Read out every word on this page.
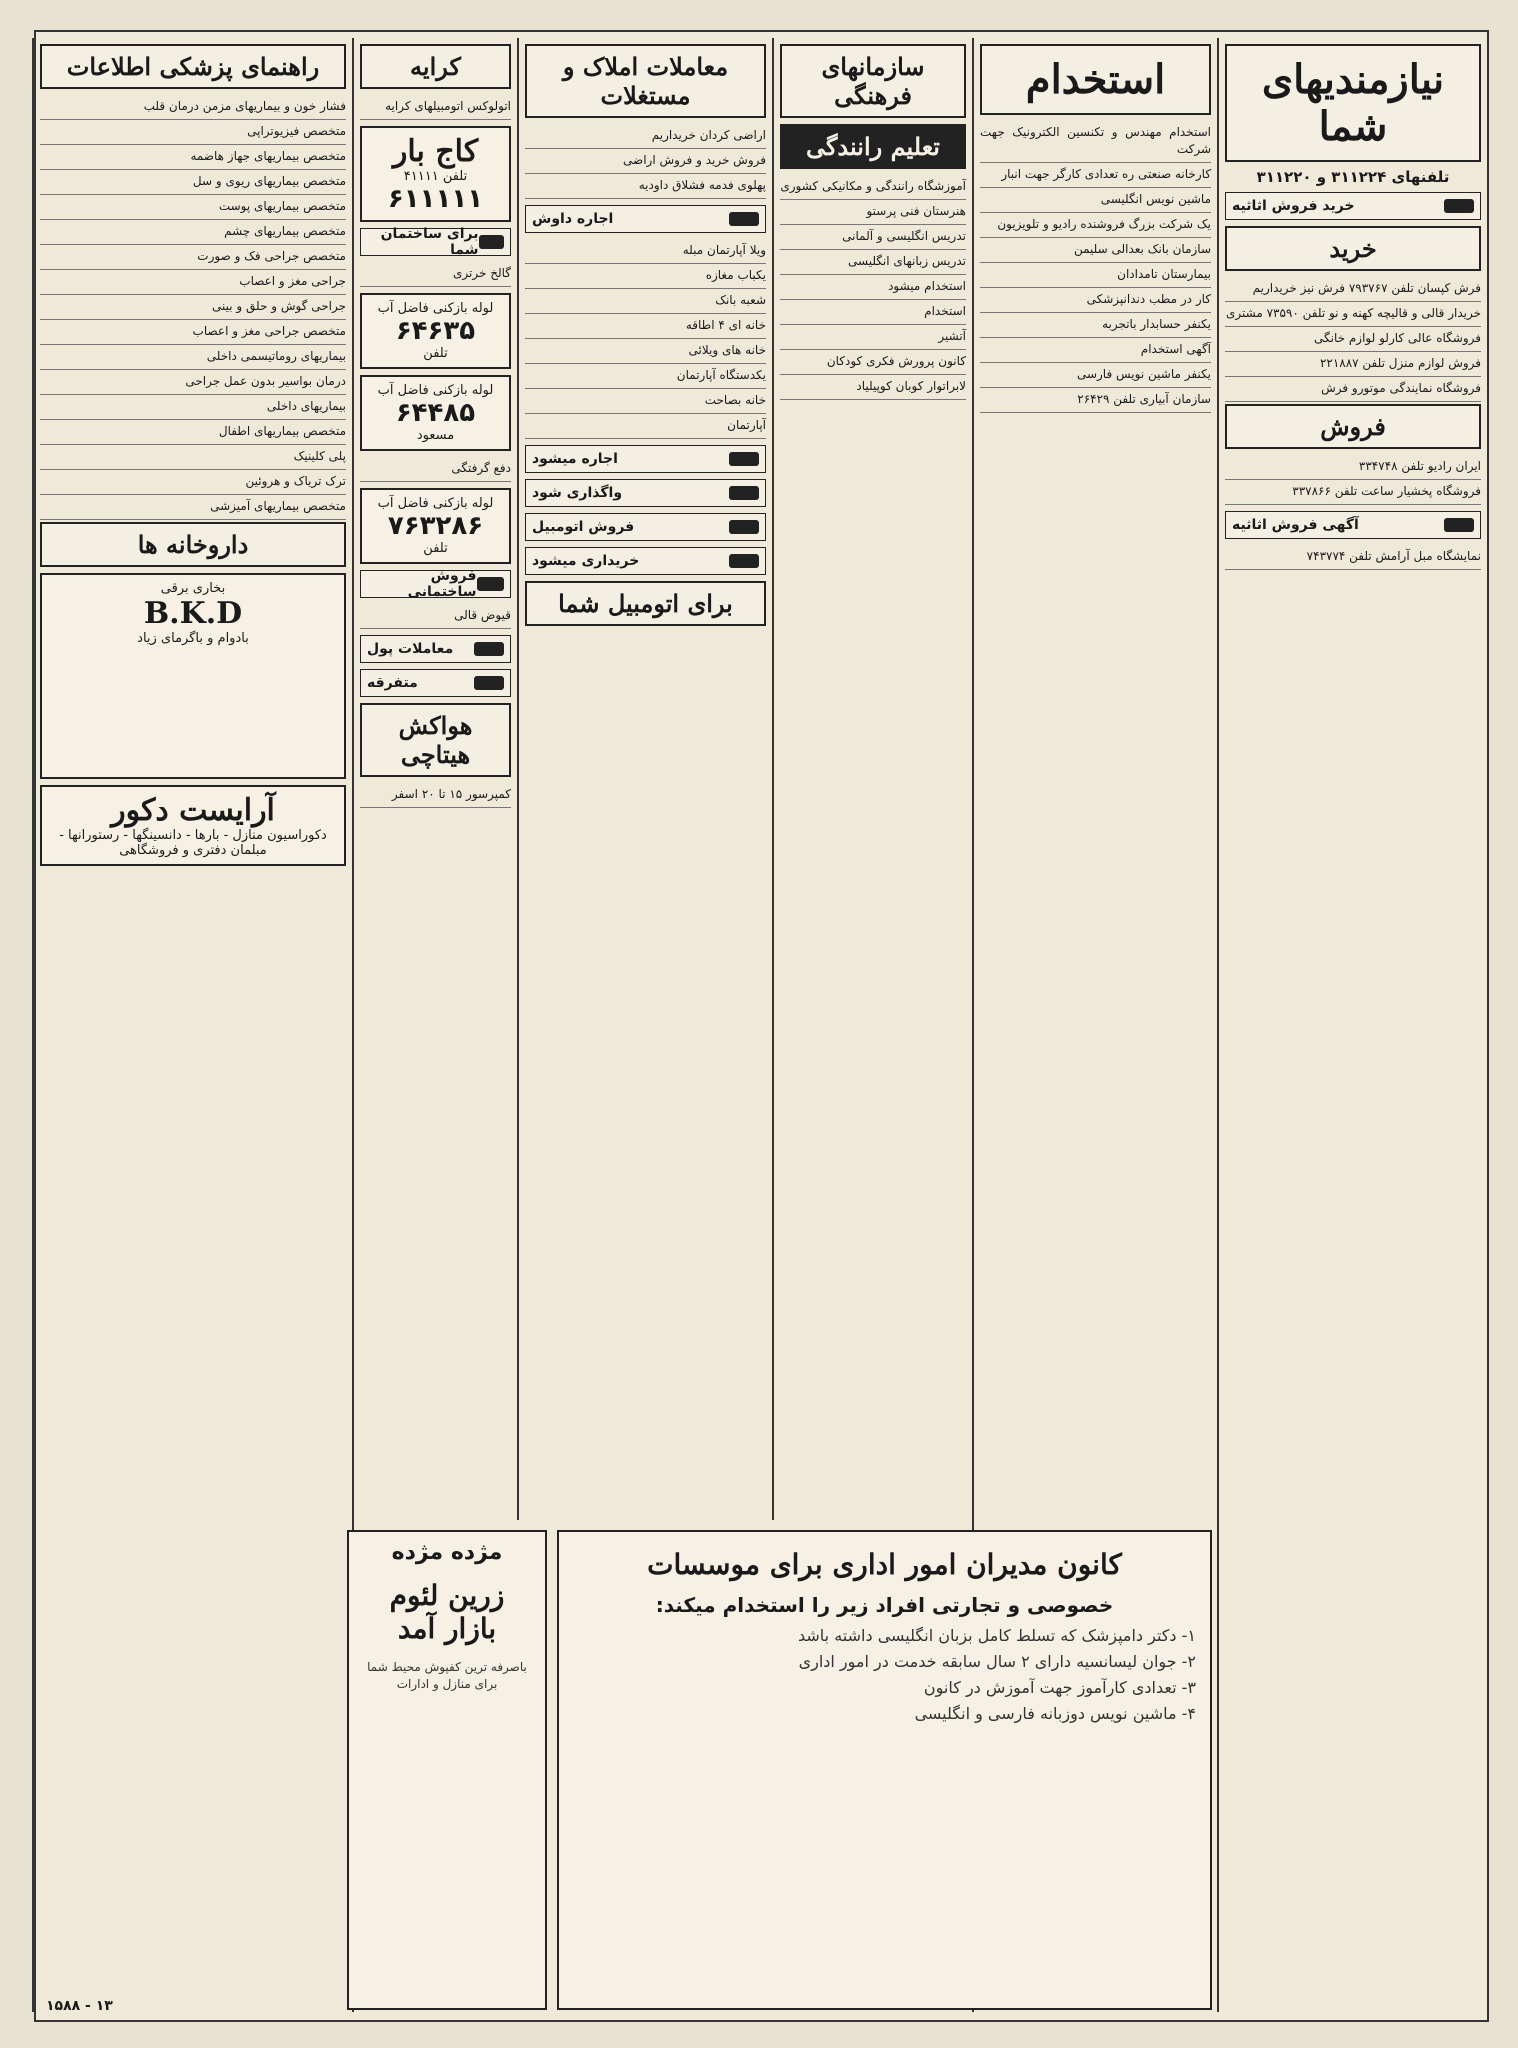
نیازمندیهای شما
تلفنهای ۳۱۱۲۲۴ و ۳۱۱۲۲۰
خرید فروش اثاثیه
خرید
فرش کپسان تلفن ۷۹۳۷۶۷ فرش نیز خریداریم
خریدار قالی و قالیچه کهنه و نو تلفن ۷۳۵۹۰ مشتری
فروشگاه عالی کارلو لوازم خانگی
فروش لوازم منزل تلفن ۲۲۱۸۸۷
فروشگاه نمایندگی موتورو فرش
فروش
ایران رادیو تلفن ۳۳۴۷۴۸
فروشگاه پخشیار ساعت تلفن ۳۳۷۸۶۶
آگهی فروش اثاثیه
نمایشگاه مبل آرامش تلفن ۷۴۳۷۷۴
استخدام
استخدام مهندس و تکنسین الکترونیک جهت شرکت
کارخانه صنعتی ره تعدادی کارگر جهت انبار
ماشین نویس انگلیسی
یک شرکت بزرگ فروشنده رادیو و تلویزیون
سازمان بانک بعدالی سلیمن
بیمارستان تامدادان
کار در مطب دندانپزشکی
یکنفر حسابدار باتجربه
آگهی استخدام
یکنفر ماشین نویس فارسی
سازمان آبیاری تلفن ۲۶۴۲۹
سازمانهای فرهنگی
تعلیم رانندگی
آموزشگاه رانندگی و مکانیکی کشوری
هنرستان فنی پرستو
تدریس انگلیسی و آلمانی
تدریس زبانهای انگلیسی
استخدام میشود
استخدام
آتشیر
کانون پرورش فکری کودکان
لابراتوار کوبان کوپیلیاد
معاملات املاک و مستغلات
اراضی کردان خریداریم
فروش خرید و فروش اراضی
پهلوی فدمه فشلاق داودیه
اجاره داوش
ویلا آپارتمان مبله
یکباب مغازه
شعبه بانک
خانه ای ۴ اطاقه
خانه های ویلائی
یکدستگاه آپارتمان
خانه بصاحت
آپارتمان
اجاره میشود
واگذاری شود
فروش اتومبیل
خریداری میشود
برای اتومبیل شما
کرایه
اتولوکس اتومبیلهای کرایه
کاج بار
تلفن ۴۱۱۱۱
۶۱۱۱۱۱
برای ساختمان شما
گالخ خرتری
لوله بازکنی فاضل آب
۶۴۶۳۵
تلفن
لوله بازکنی فاضل آب
۶۴۴۸۵
مسعود
دفع گرفتگی
لوله بازکنی فاضل آب
۷۶۳۲۸۶
تلفن
فروش ساختمانی
قیوض قالی
معاملات پول
متفرقه
هواکش هیتاچی
کمپرسور ۱۵ تا ۲۰ اسفر
راهنمای پزشکی اطلاعات
فشار خون و بیماریهای مزمن درمان قلب
متخصص فیزیوتراپی
متخصص بیماریهای جهاز هاضمه
متخصص بیماریهای ریوی و سل
متخصص بیماریهای پوست
متخصص بیماریهای چشم
متخصص جراحی فک و صورت
جراحی مغز و اعصاب
جراحی گوش و حلق و بینی
متخصص جراحی مغز و اعصاب
بیماریهای روماتیسمی داخلی
درمان بواسیر بدون عمل جراحی
بیماریهای داخلی
متخصص بیماریهای اطفال
پلی کلینیک
ترک تریاک و هروئین
متخصص بیماریهای آمیزشی
داروخانه ها
بخاری برقی
B.K.D
بادوام و باگرمای زیاد
آرایست دکور
دکوراسیون منازل - بارها - دانسینگها - رستورانها - مبلمان دفتری و فروشگاهی
کانون مدیران امور اداری برای موسسات
خصوصی و تجارتی افراد زیر را استخدام میکند:
۱- دکتر دامپزشک که تسلط کامل بزبان انگلیسی داشته باشد
۲- جوان لیسانسیه دارای ۲ سال سابقه خدمت در امور اداری
۳- تعدادی کارآموز جهت آموزش در کانون
۴- ماشین نویس دوزبانه فارسی و انگلیسی
مژده مژده
زرین لئوم بازار آمد
باصرفه ترین کفپوش محیط شما برای منازل و ادارات
۱۵۸۸ - ۱۳
